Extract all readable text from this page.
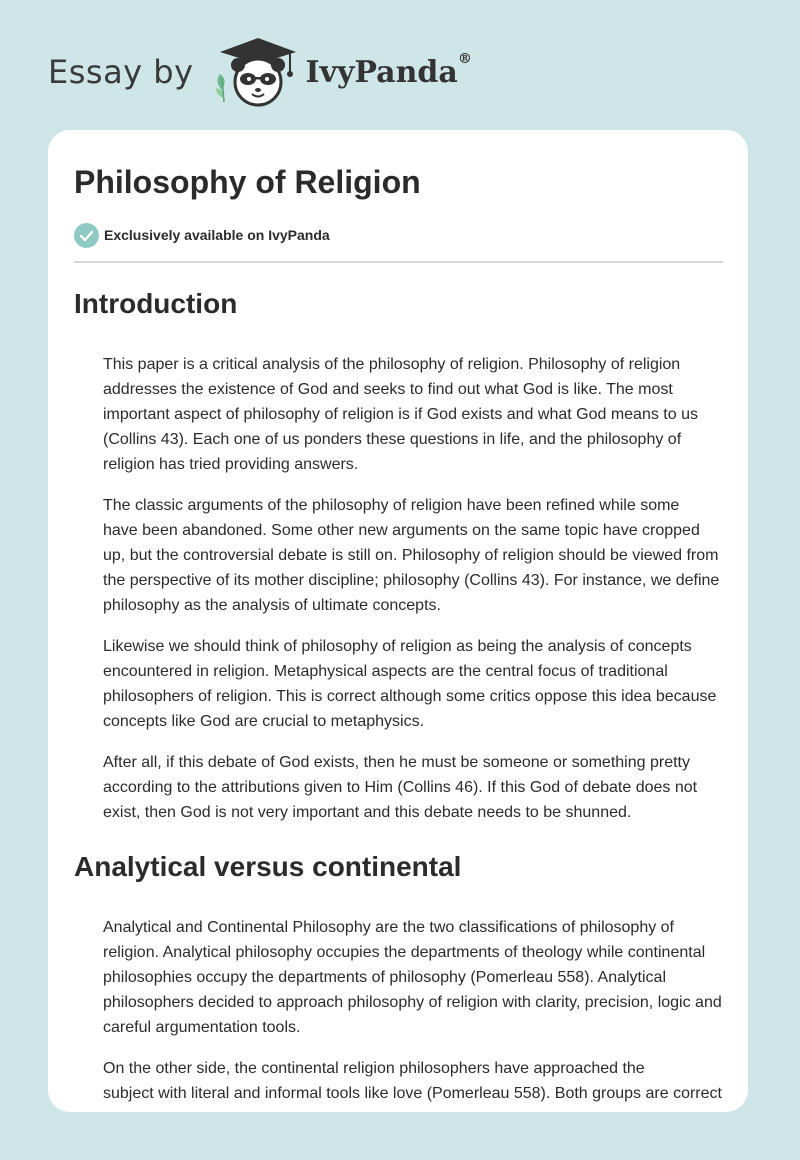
Essay by	IvyPanda®
Philosophy of Religion
Exclusively available on IvyPanda
Introduction

This paper is a critical analysis of the philosophy of religion. Philosophy of religion
addresses the existence of God and seeks to find out what God is like. The most
important aspect of philosophy of religion is if God exists and what God means to us
(Collins 43). Each one of us ponders these questions in life, and the philosophy of
religion has tried providing answers.

The classic arguments of the philosophy of religion have been refined while some
have been abandoned. Some other new arguments on the same topic have cropped
up, but the controversial debate is still on. Philosophy of religion should be viewed from
the perspective of its mother discipline; philosophy (Collins 43). For instance, we define
philosophy as the analysis of ultimate concepts.

Likewise we should think of philosophy of religion as being the analysis of concepts
encountered in religion. Metaphysical aspects are the central focus of traditional
philosophers of religion. This is correct although some critics oppose this idea because
concepts like God are crucial to metaphysics.

After all, if this debate of God exists, then he must be someone or something pretty
according to the attributions given to Him (Collins 46). If this God of debate does not
exist, then God is not very important and this debate needs to be shunned.

Analytical versus continental

Analytical and Continental Philosophy are the two classifications of philosophy of
religion. Analytical philosophy occupies the departments of theology while continental
philosophies occupy the departments of philosophy (Pomerleau 558). Analytical
philosophers decided to approach philosophy of religion with clarity, precision, logic and
careful argumentation tools.

On the other side, the continental religion philosophers have approached the
subject with literal and informal tools like love (Pomerleau 558). Both groups are correct
